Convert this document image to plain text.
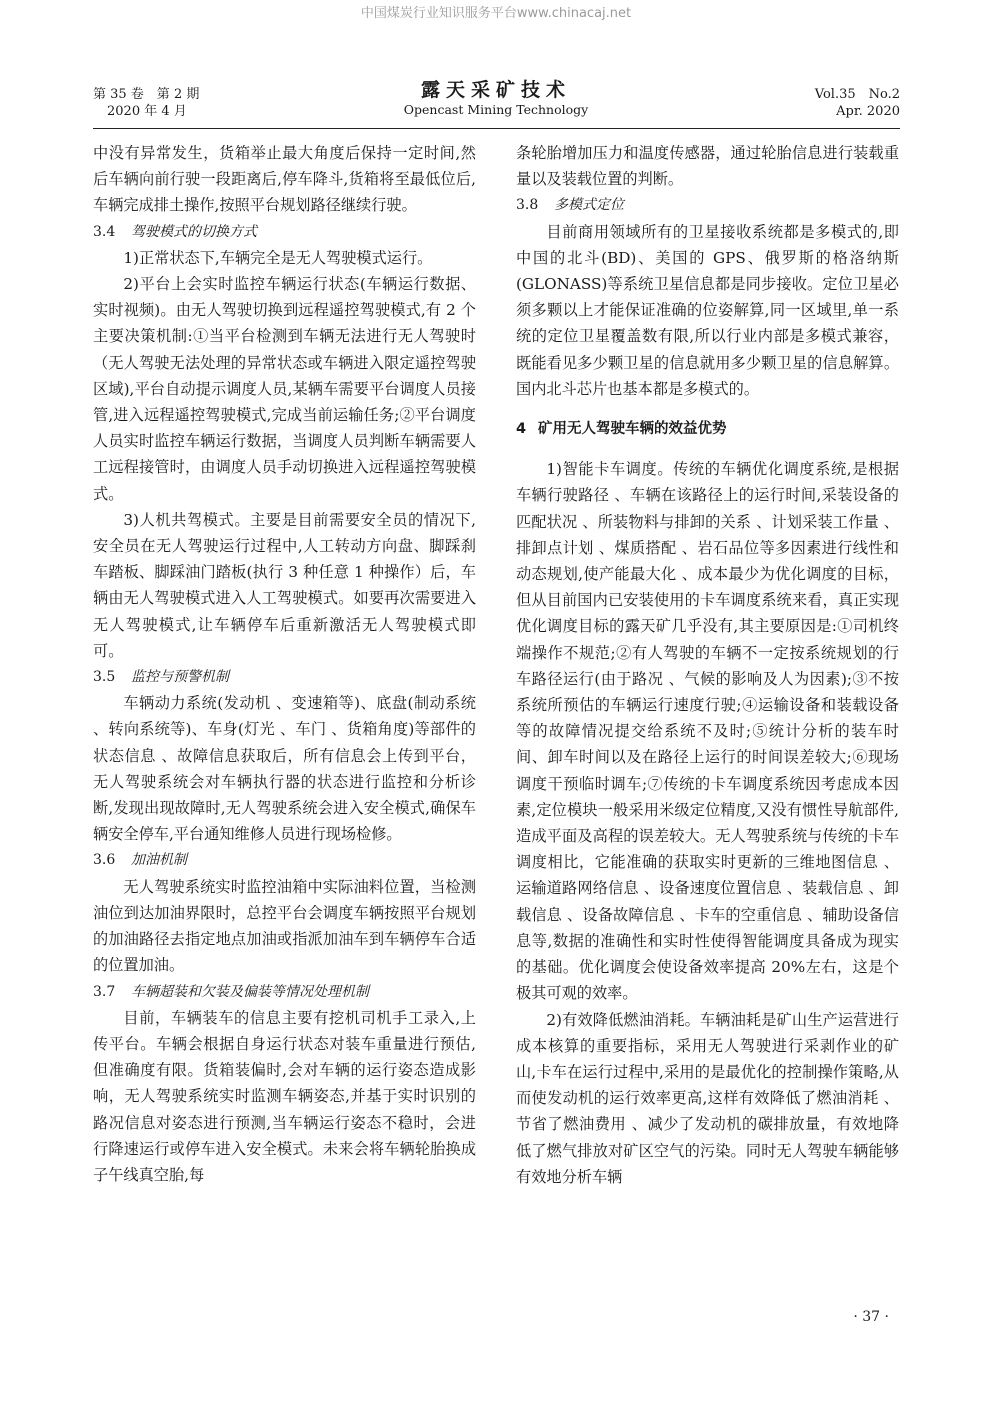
中国煤炭行业知识服务平台www.chinacaj.net
第 35 卷　第 2 期
2020 年 4 月
露天采矿技术
Opencast Mining Technology
Vol.35　No.2
Apr. 2020

中没有异常发生，货箱举止最大角度后保持一定时间,然后车辆向前行驶一段距离后,停车降斗,货箱将至最低位后,车辆完成排土操作,按照平台规划路径继续行驶。

3.4 驾驶模式的切换方式

1)正常状态下,车辆完全是无人驾驶模式运行。

2)平台上会实时监控车辆运行状态(车辆运行数据、实时视频)。由无人驾驶切换到远程遥控驾驶模式,有 2 个主要决策机制:①当平台检测到车辆无法进行无人驾驶时（无人驾驶无法处理的异常状态或车辆进入限定遥控驾驶区域),平台自动提示调度人员,某辆车需要平台调度人员接管,进入远程遥控驾驶模式,完成当前运输任务;②平台调度人员实时监控车辆运行数据，当调度人员判断车辆需要人工远程接管时，由调度人员手动切换进入远程遥控驾驶模式。

3)人机共驾模式。主要是目前需要安全员的情况下,安全员在无人驾驶运行过程中,人工转动方向盘、脚踩刹车踏板、脚踩油门踏板(执行 3 种任意 1 种操作）后，车辆由无人驾驶模式进入人工驾驶模式。如要再次需要进入无人驾驶模式,让车辆停车后重新激活无人驾驶模式即可。

3.5 监控与预警机制

车辆动力系统(发动机 、变速箱等)、底盘(制动系统 、转向系统等)、车身(灯光 、车门 、货箱角度)等部件的状态信息 、故障信息获取后，所有信息会上传到平台，无人驾驶系统会对车辆执行器的状态进行监控和分析诊断,发现出现故障时,无人驾驶系统会进入安全模式,确保车辆安全停车,平台通知维修人员进行现场检修。

3.6 加油机制

无人驾驶系统实时监控油箱中实际油料位置，当检测油位到达加油界限时，总控平台会调度车辆按照平台规划的加油路径去指定地点加油或指派加油车到车辆停车合适的位置加油。

3.7 车辆超装和欠装及偏装等情况处理机制

目前，车辆装车的信息主要有挖机司机手工录入,上传平台。车辆会根据自身运行状态对装车重量进行预估,但准确度有限。货箱装偏时,会对车辆的运行姿态造成影响，无人驾驶系统实时监测车辆姿态,并基于实时识别的路况信息对姿态进行预测,当车辆运行姿态不稳时，会进行降速运行或停车进入安全模式。未来会将车辆轮胎换成子午线真空胎,每

条轮胎增加压力和温度传感器，通过轮胎信息进行装载重量以及装载位置的判断。

3.8 多模式定位

目前商用领域所有的卫星接收系统都是多模式的,即中国的北斗(BD)、美国的 GPS、俄罗斯的格洛纳斯(GLONASS)等系统卫星信息都是同步接收。定位卫星必须多颗以上才能保证准确的位姿解算,同一区域里,单一系统的定位卫星覆盖数有限,所以行业内部是多模式兼容，既能看见多少颗卫星的信息就用多少颗卫星的信息解算。国内北斗芯片也基本都是多模式的。

4 矿用无人驾驶车辆的效益优势

1)智能卡车调度。传统的车辆优化调度系统,是根据车辆行驶路径 、车辆在该路径上的运行时间,采装设备的匹配状况 、所装物料与排卸的关系 、计划采装工作量 、排卸点计划 、煤质搭配 、岩石品位等多因素进行线性和动态规划,使产能最大化 、成本最少为优化调度的目标，但从目前国内已安装使用的卡车调度系统来看，真正实现优化调度目标的露天矿几乎没有,其主要原因是:①司机终端操作不规范;②有人驾驶的车辆不一定按系统规划的行车路径运行(由于路况 、气候的影响及人为因素);③不按系统所预估的车辆运行速度行驶;④运输设备和装载设备等的故障情况提交给系统不及时;⑤统计分析的装车时间、卸车时间以及在路径上运行的时间误差较大;⑥现场调度干预临时调车;⑦传统的卡车调度系统因考虑成本因素,定位模块一般采用米级定位精度,又没有惯性导航部件,造成平面及高程的误差较大。无人驾驶系统与传统的卡车调度相比，它能准确的获取实时更新的三维地图信息 、运输道路网络信息 、设备速度位置信息 、装载信息 、卸载信息 、设备故障信息 、卡车的空重信息 、辅助设备信息等,数据的准确性和实时性使得智能调度具备成为现实的基础。优化调度会使设备效率提高 20%左右，这是个极其可观的效率。

2)有效降低燃油消耗。车辆油耗是矿山生产运营进行成本核算的重要指标，采用无人驾驶进行采剥作业的矿山,卡车在运行过程中,采用的是最优化的控制操作策略,从而使发动机的运行效率更高,这样有效降低了燃油消耗 、节省了燃油费用 、减少了发动机的碳排放量，有效地降低了燃气排放对矿区空气的污染。同时无人驾驶车辆能够有效地分析车辆

· 37 ·
